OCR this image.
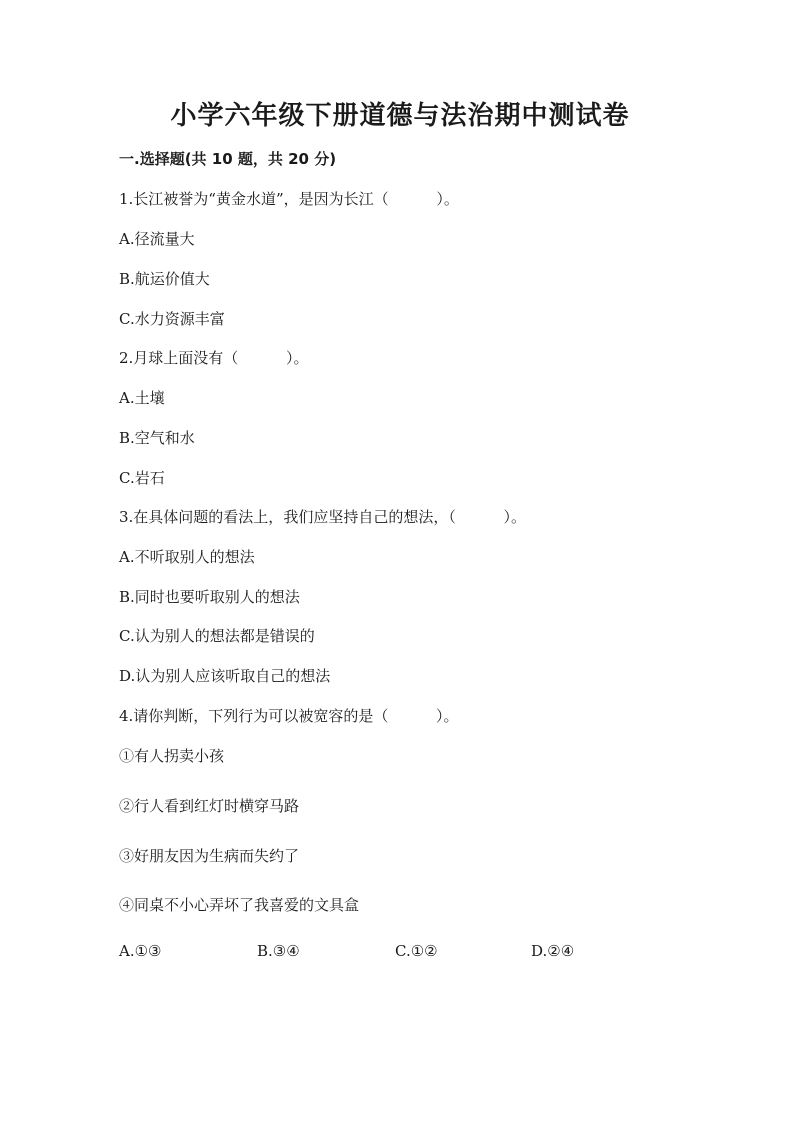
小学六年级下册道德与法治期中测试卷
一.选择题(共 10 题，共 20 分)
1.长江被誉为“黄金水道”，是因为长江（          ）。
A.径流量大
B.航运价值大
C.水力资源丰富
2.月球上面没有（          ）。
A.土壤
B.空气和水
C.岩石
3.在具体问题的看法上，我们应坚持自己的想法，（          ）。
A.不听取别人的想法
B.同时也要听取别人的想法
C.认为别人的想法都是错误的
D.认为别人应该听取自己的想法
4.请你判断，下列行为可以被宽容的是（          ）。
①有人拐卖小孩
②行人看到红灯时横穿马路
③好朋友因为生病而失约了
④同桌不小心弄坏了我喜爱的文具盒
A.①③	B.③④	C.①②	D.②④
